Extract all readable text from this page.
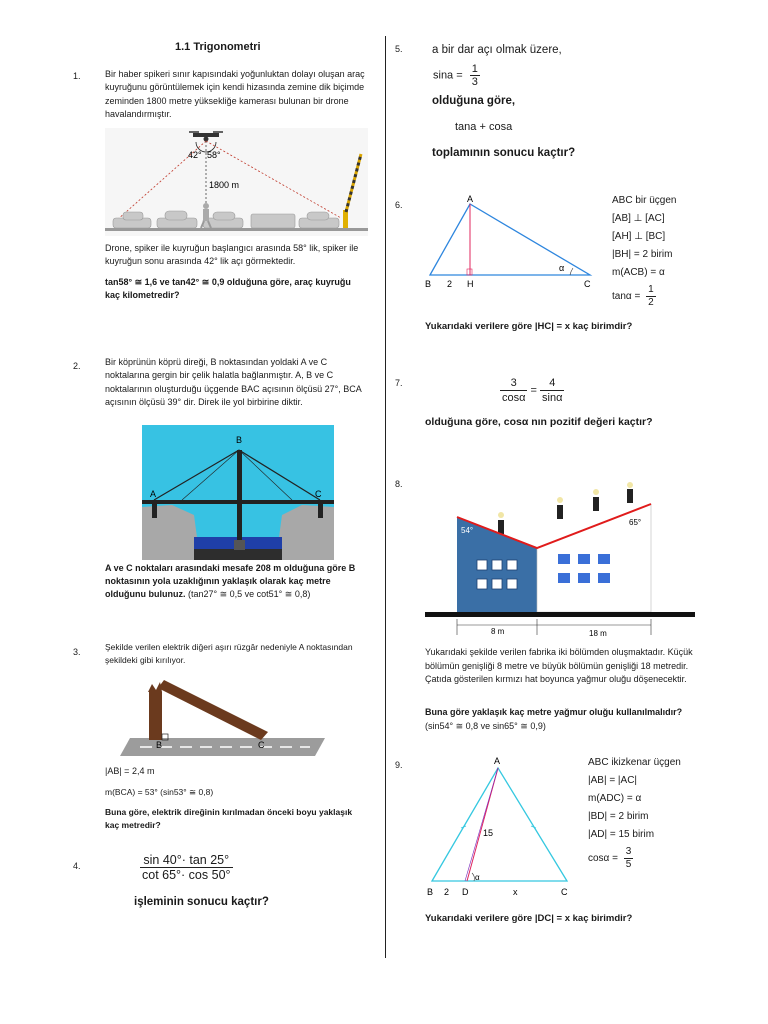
1.1 Trigonometri
1.	Bir haber spikeri sınır kapısındaki yoğunluktan dolayı oluşan araç kuyruğunu görüntülemek için kendi hizasında zemine dik biçimde zeminden 1800 metre yüksekliğe kamerası bulunan bir drone havalandırmıştır.
42° 58°
1800 m
Drone, spiker ile kuyruğun başlangıcı arasında 58° lik, spiker ile kuyruğun sonu arasında 42° lik açı görmektedir.
tan58° ≅ 1,6 ve tan42° ≅ 0,9 olduğuna göre, araç kuyruğu kaç kilometredir?
2.	Bir köprünün köprü direği, B noktasından yoldaki A ve C noktalarına gergin bir çelik halatla bağlanmıştır. A, B ve C noktalarının oluşturduğu üçgende BAC açısının ölçüsü 27°, BCA açısının ölçüsü 39° dir. Direk ile yol birbirine diktir.
B
A	C
A ve C noktaları arasındaki mesafe 208 m olduğuna göre B noktasının yola uzaklığının yaklaşık olarak kaç metre olduğunu bulunuz. (tan27° ≅ 0,5 ve cot51° ≅ 0,8)
3.	Şekilde verilen elektrik diğeri aşırı rüzgâr nedeniyle A noktasından şekildeki gibi kırılıyor.
B	C
|AB| = 2,4 m
m(BCA) = 53° (sin53° ≅ 0,8)
Buna göre, elektrik direğinin kırılmadan önceki boyu yaklaşık kaç metredir?
4.	$\frac{\sin 40^\circ\cdot \tan 25^\circ}{\cot 65^\circ\cdot \cos 50^\circ}$
işleminin sonucu kaçtır?
5.	a bir dar açı olmak üzere,
$\sin a = \frac{1}{3}$
olduğuna göre,
tana + cosa
toplamının sonucu kaçtır?
6.
A
B 2 H	C
α
ABC bir üçgen
[AB] ⊥ [AC]
[AH] ⊥ [BC]
|BH| = 2 birim
m(ACB) = α
$\tan\alpha = \frac{1}{2}$
Yukarıdaki verilere göre |HC| = x kaç birimdir?
7.	$\frac{3}{\cos\alpha} = \frac{4}{\sin\alpha}$
olduğuna göre, cosα nın pozitif değeri kaçtır?
8.
54°
65°
8 m	18 m
Yukarıdaki şekilde verilen fabrika iki bölümden oluşmaktadır. Küçük bölümün genişliği 8 metre ve büyük bölümün genişliği 18 metredir. Çatıda gösterilen kırmızı hat boyunca yağmur oluğu döşenecektir.
Buna göre yaklaşık kaç metre yağmur oluğu kullanılmalıdır? (sin54° ≅ 0,8 ve sin65° ≅ 0,9)
9.	A
B 2 D	x	C
15
α
ABC ikizkenar üçgen
|AB| = |AC|
m(ADC) = α
|BD| = 2 birim
|AD| = 15 birim
$\cos\alpha = \frac{3}{5}$
Yukarıdaki verilere göre |DC| = x kaç birimdir?
